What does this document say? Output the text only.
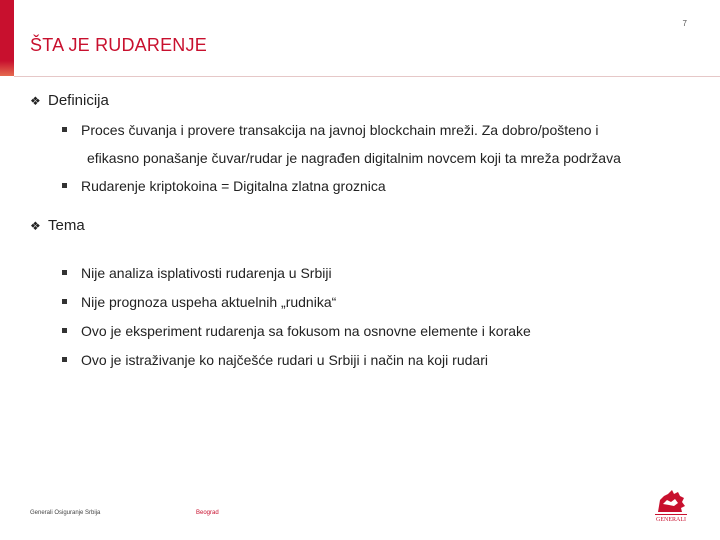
7
ŠTA JE RUDARENJE
❖ Definicija
Proces čuvanja i provere transakcija na javnoj blockchain mreži. Za dobro/pošteno i
efikasno ponašanje čuvar/rudar je nagrađen digitalnim novcem koji ta mreža podržava
Rudarenje kriptokoina = Digitalna zlatna groznica
❖ Tema
Nije analiza isplativosti rudarenja u Srbiji
Nije prognoza uspeha aktuelnih „rudnika“
Ovo je eksperiment rudarenja sa fokusom na osnovne elemente i korake
Ovo je istraživanje ko najčešće rudari u Srbiji i način na koji rudari
Generali Osiguranje Srbija	Beograd
GENERALI
